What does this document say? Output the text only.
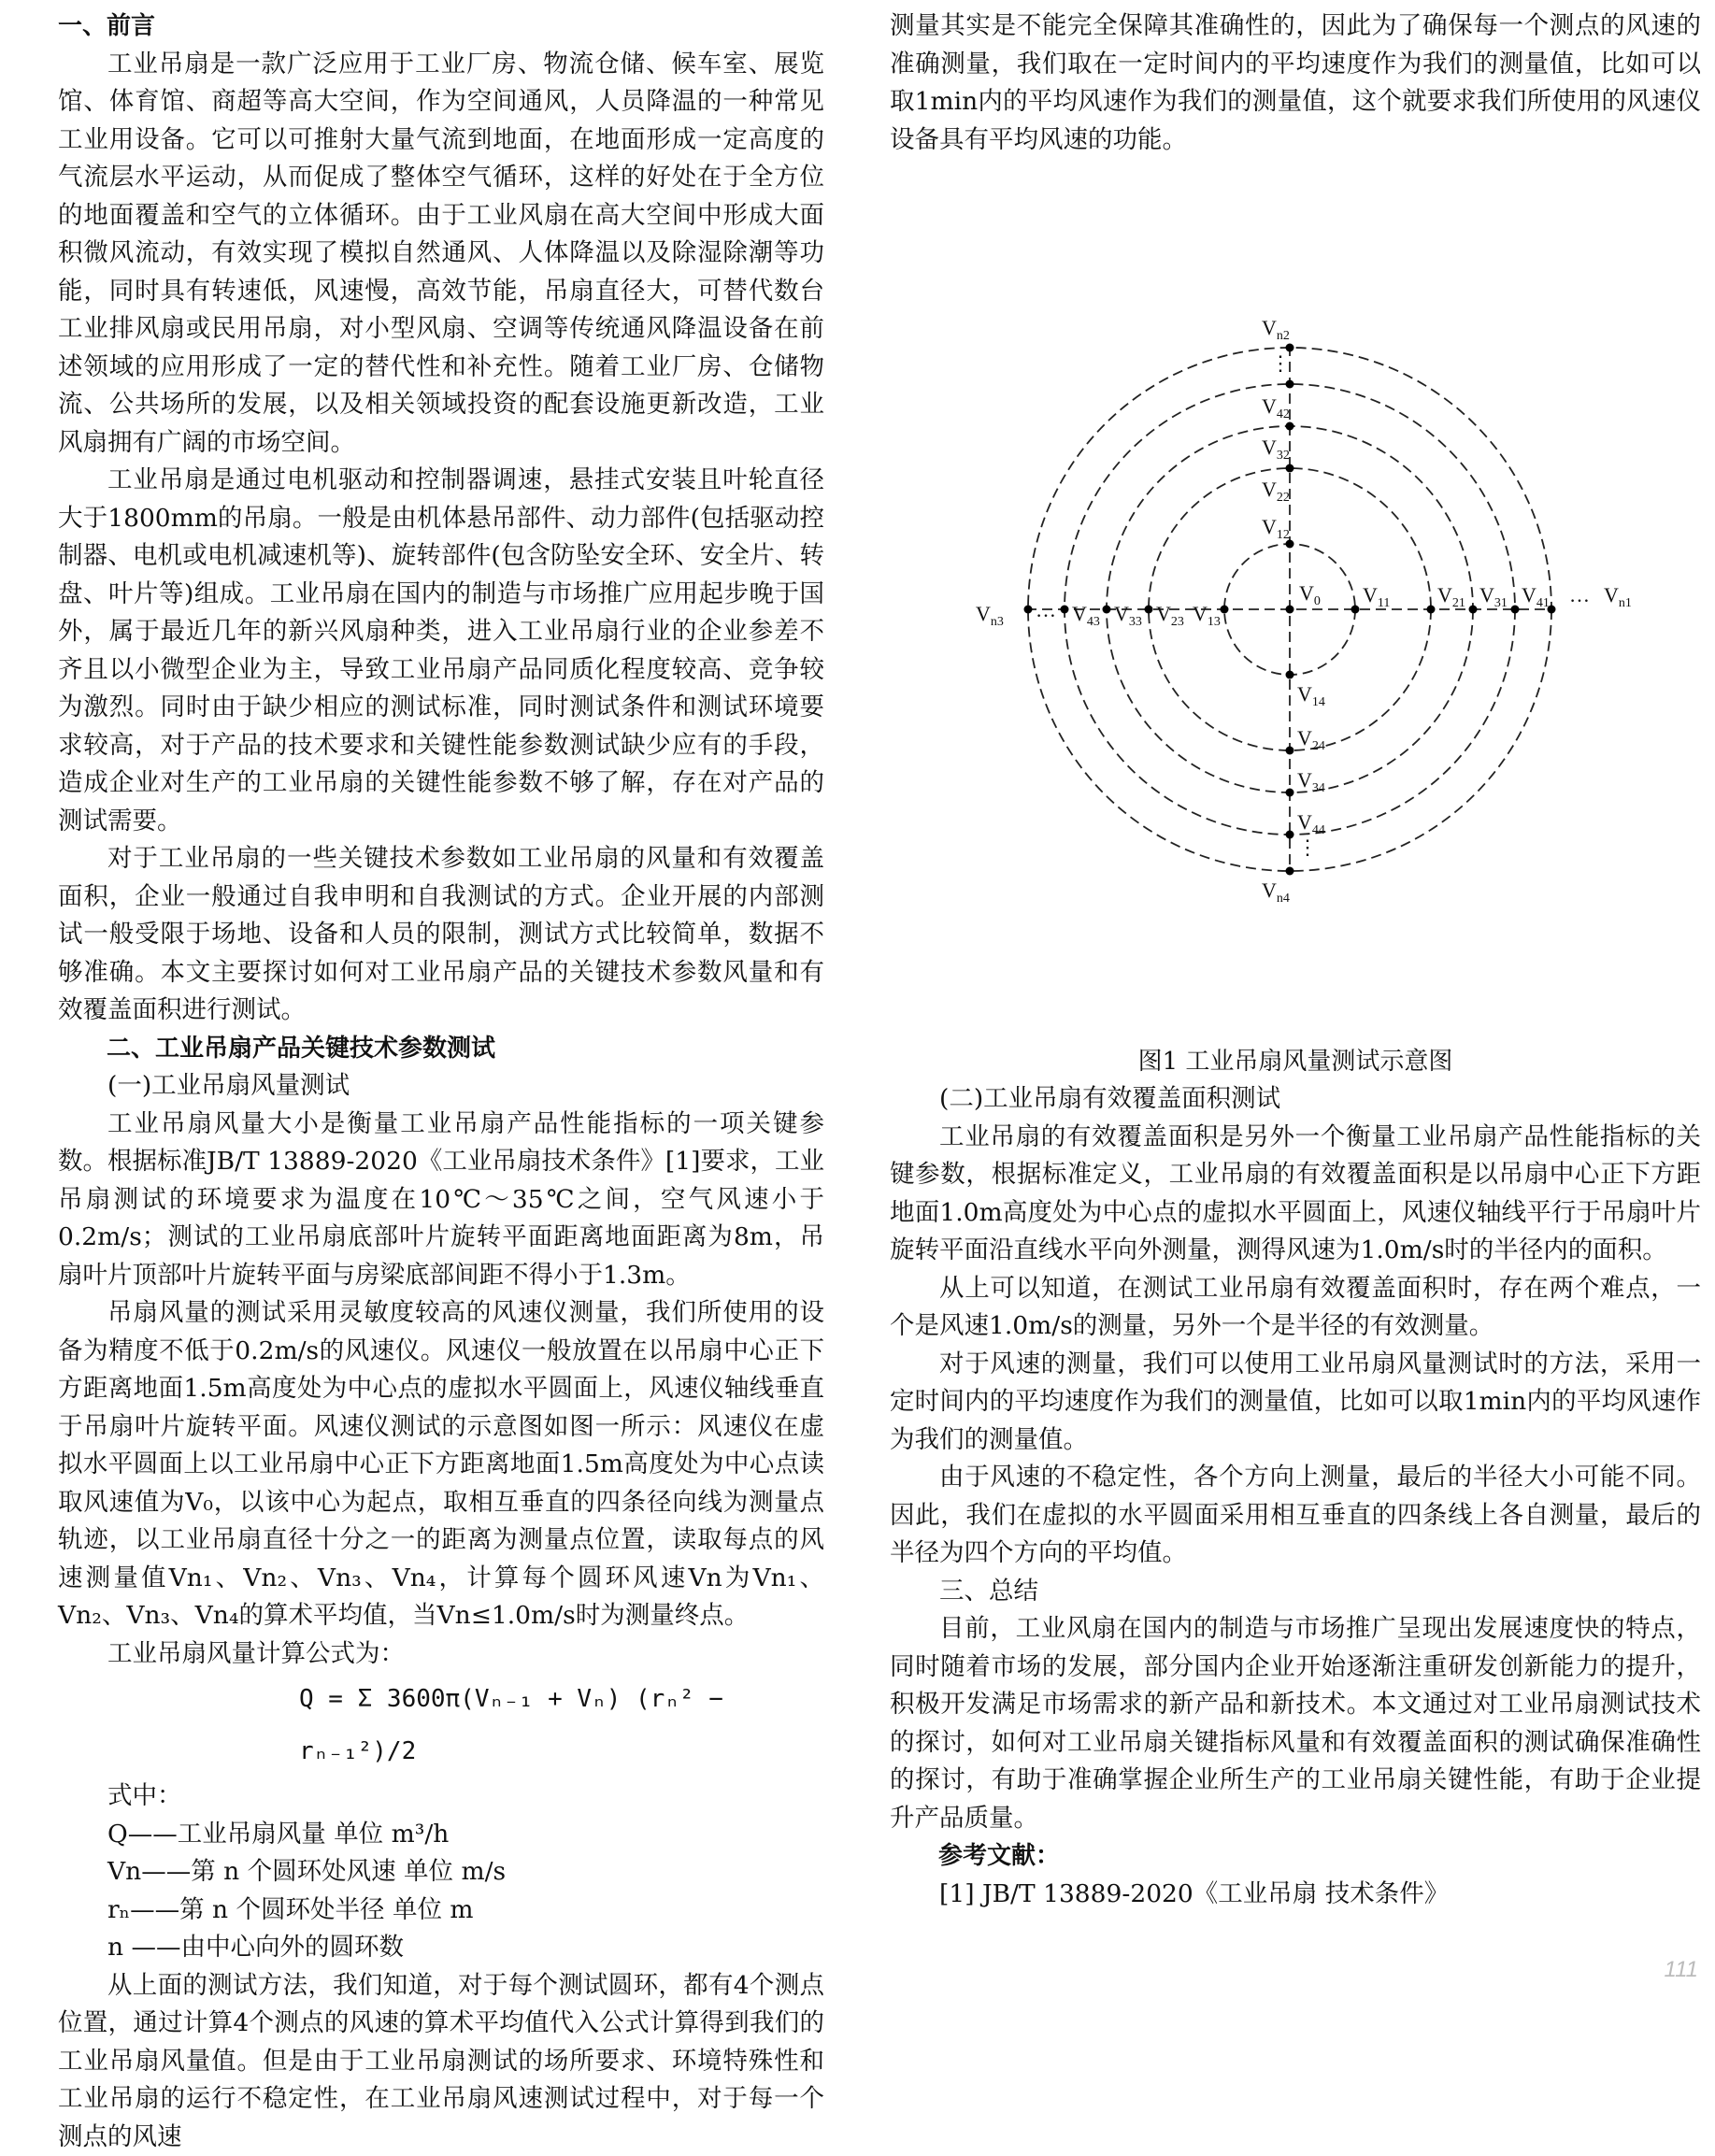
一、前言

工业吊扇是一款广泛应用于工业厂房、物流仓储、候车室、展览馆、体育馆、商超等高大空间，作为空间通风，人员降温的一种常见工业用设备。它可以可推射大量气流到地面，在地面形成一定高度的气流层水平运动，从而促成了整体空气循环，这样的好处在于全方位的地面覆盖和空气的立体循环。由于工业风扇在高大空间中形成大面积微风流动，有效实现了模拟自然通风、人体降温以及除湿除潮等功能，同时具有转速低，风速慢，高效节能，吊扇直径大，可替代数台工业排风扇或民用吊扇，对小型风扇、空调等传统通风降温设备在前述领域的应用形成了一定的替代性和补充性。随着工业厂房、仓储物流、公共场所的发展，以及相关领域投资的配套设施更新改造，工业风扇拥有广阔的市场空间。

工业吊扇是通过电机驱动和控制器调速，悬挂式安装且叶轮直径大于1800mm的吊扇。一般是由机体悬吊部件、动力部件(包括驱动控制器、电机或电机减速机等)、旋转部件(包含防坠安全环、安全片、转盘、叶片等)组成。工业吊扇在国内的制造与市场推广应用起步晚于国外，属于最近几年的新兴风扇种类，进入工业吊扇行业的企业参差不齐且以小微型企业为主，导致工业吊扇产品同质化程度较高、竞争较为激烈。同时由于缺少相应的测试标准，同时测试条件和测试环境要求较高，对于产品的技术要求和关键性能参数测试缺少应有的手段，造成企业对生产的工业吊扇的关键性能参数不够了解，存在对产品的测试需要。

对于工业吊扇的一些关键技术参数如工业吊扇的风量和有效覆盖面积，企业一般通过自我申明和自我测试的方式。企业开展的内部测试一般受限于场地、设备和人员的限制，测试方式比较简单，数据不够准确。本文主要探讨如何对工业吊扇产品的关键技术参数风量和有效覆盖面积进行测试。

二、工业吊扇产品关键技术参数测试

(一)工业吊扇风量测试

工业吊扇风量大小是衡量工业吊扇产品性能指标的一项关键参数。根据标准JB/T 13889-2020《工业吊扇技术条件》[1]要求，工业吊扇测试的环境要求为温度在10℃～35℃之间，空气风速小于0.2m/s；测试的工业吊扇底部叶片旋转平面距离地面距离为8m，吊扇叶片顶部叶片旋转平面与房梁底部间距不得小于1.3m。

吊扇风量的测试采用灵敏度较高的风速仪测量，我们所使用的设备为精度不低于0.2m/s的风速仪。风速仪一般放置在以吊扇中心正下方距离地面1.5m高度处为中心点的虚拟水平圆面上，风速仪轴线垂直于吊扇叶片旋转平面。风速仪测试的示意图如图一所示：风速仪在虚拟水平圆面上以工业吊扇中心正下方距离地面1.5m高度处为中心点读取风速值为V₀，以该中心为起点，取相互垂直的四条径向线为测量点轨迹，以工业吊扇直径十分之一的距离为测量点位置，读取每点的风速测量值Vn₁、Vn₂、Vn₃、Vn₄，计算每个圆环风速Vn为Vn₁、Vn₂、Vn₃、Vn₄的算术平均值，当Vn≤1.0m/s时为测量终点。

工业吊扇风量计算公式为：

Q = Σ 3600π(Vₙ₋₁ + Vₙ) (rₙ² − rₙ₋₁²)/2

式中：

Q——工业吊扇风量 单位 m³/h

Vn——第 n 个圆环处风速 单位 m/s

rₙ——第 n 个圆环处半径 单位 m

n ——由中心向外的圆环数

从上面的测试方法，我们知道，对于每个测试圆环，都有4个测点位置，通过计算4个测点的风速的算术平均值代入公式计算得到我们的工业吊扇风量值。但是由于工业吊扇测试的场所要求、环境特殊性和工业吊扇的运行不稳定性，在工业吊扇风速测试过程中，对于每一个测点的风速

测量其实是不能完全保障其准确性的，因此为了确保每一个测点的风速的准确测量，我们取在一定时间内的平均速度作为我们的测量值，比如可以取1min内的平均风速作为我们的测量值，这个就要求我们所使用的风速仪设备具有平均风速的功能。

$V_{n2}$
⋮
$V_{42}$
$V_{32}$
$V_{22}$
$V_{12}$
$V_0$ $V_{11}$ $V_{21}$ $V_{31}$ $V_{41}$ … $V_{n1}$
$V_{n3}$
… $V_{43}$ $V_{33}$ $V_{23}$ $V_{13}$
$V_{14}$
$V_{24}$
$V_{34}$
$V_{44}$
⋮
$V_{n4}$

图1 工业吊扇风量测试示意图

(二)工业吊扇有效覆盖面积测试

工业吊扇的有效覆盖面积是另外一个衡量工业吊扇产品性能指标的关键参数，根据标准定义，工业吊扇的有效覆盖面积是以吊扇中心正下方距地面1.0m高度处为中心点的虚拟水平圆面上，风速仪轴线平行于吊扇叶片旋转平面沿直线水平向外测量，测得风速为1.0m/s时的半径内的面积。

从上可以知道，在测试工业吊扇有效覆盖面积时，存在两个难点，一个是风速1.0m/s的测量，另外一个是半径的有效测量。

对于风速的测量，我们可以使用工业吊扇风量测试时的方法，采用一定时间内的平均速度作为我们的测量值，比如可以取1min内的平均风速作为我们的测量值。

由于风速的不稳定性，各个方向上测量，最后的半径大小可能不同。因此，我们在虚拟的水平圆面采用相互垂直的四条线上各自测量，最后的半径为四个方向的平均值。

三、总结

目前，工业风扇在国内的制造与市场推广呈现出发展速度快的特点，同时随着市场的发展，部分国内企业开始逐渐注重研发创新能力的提升，积极开发满足市场需求的新产品和新技术。本文通过对工业吊扇测试技术的探讨，如何对工业吊扇关键指标风量和有效覆盖面积的测试确保准确性的探讨，有助于准确掌握企业所生产的工业吊扇关键性能，有助于企业提升产品质量。

参考文献：

[1] JB/T 13889-2020《工业吊扇 技术条件》

111
